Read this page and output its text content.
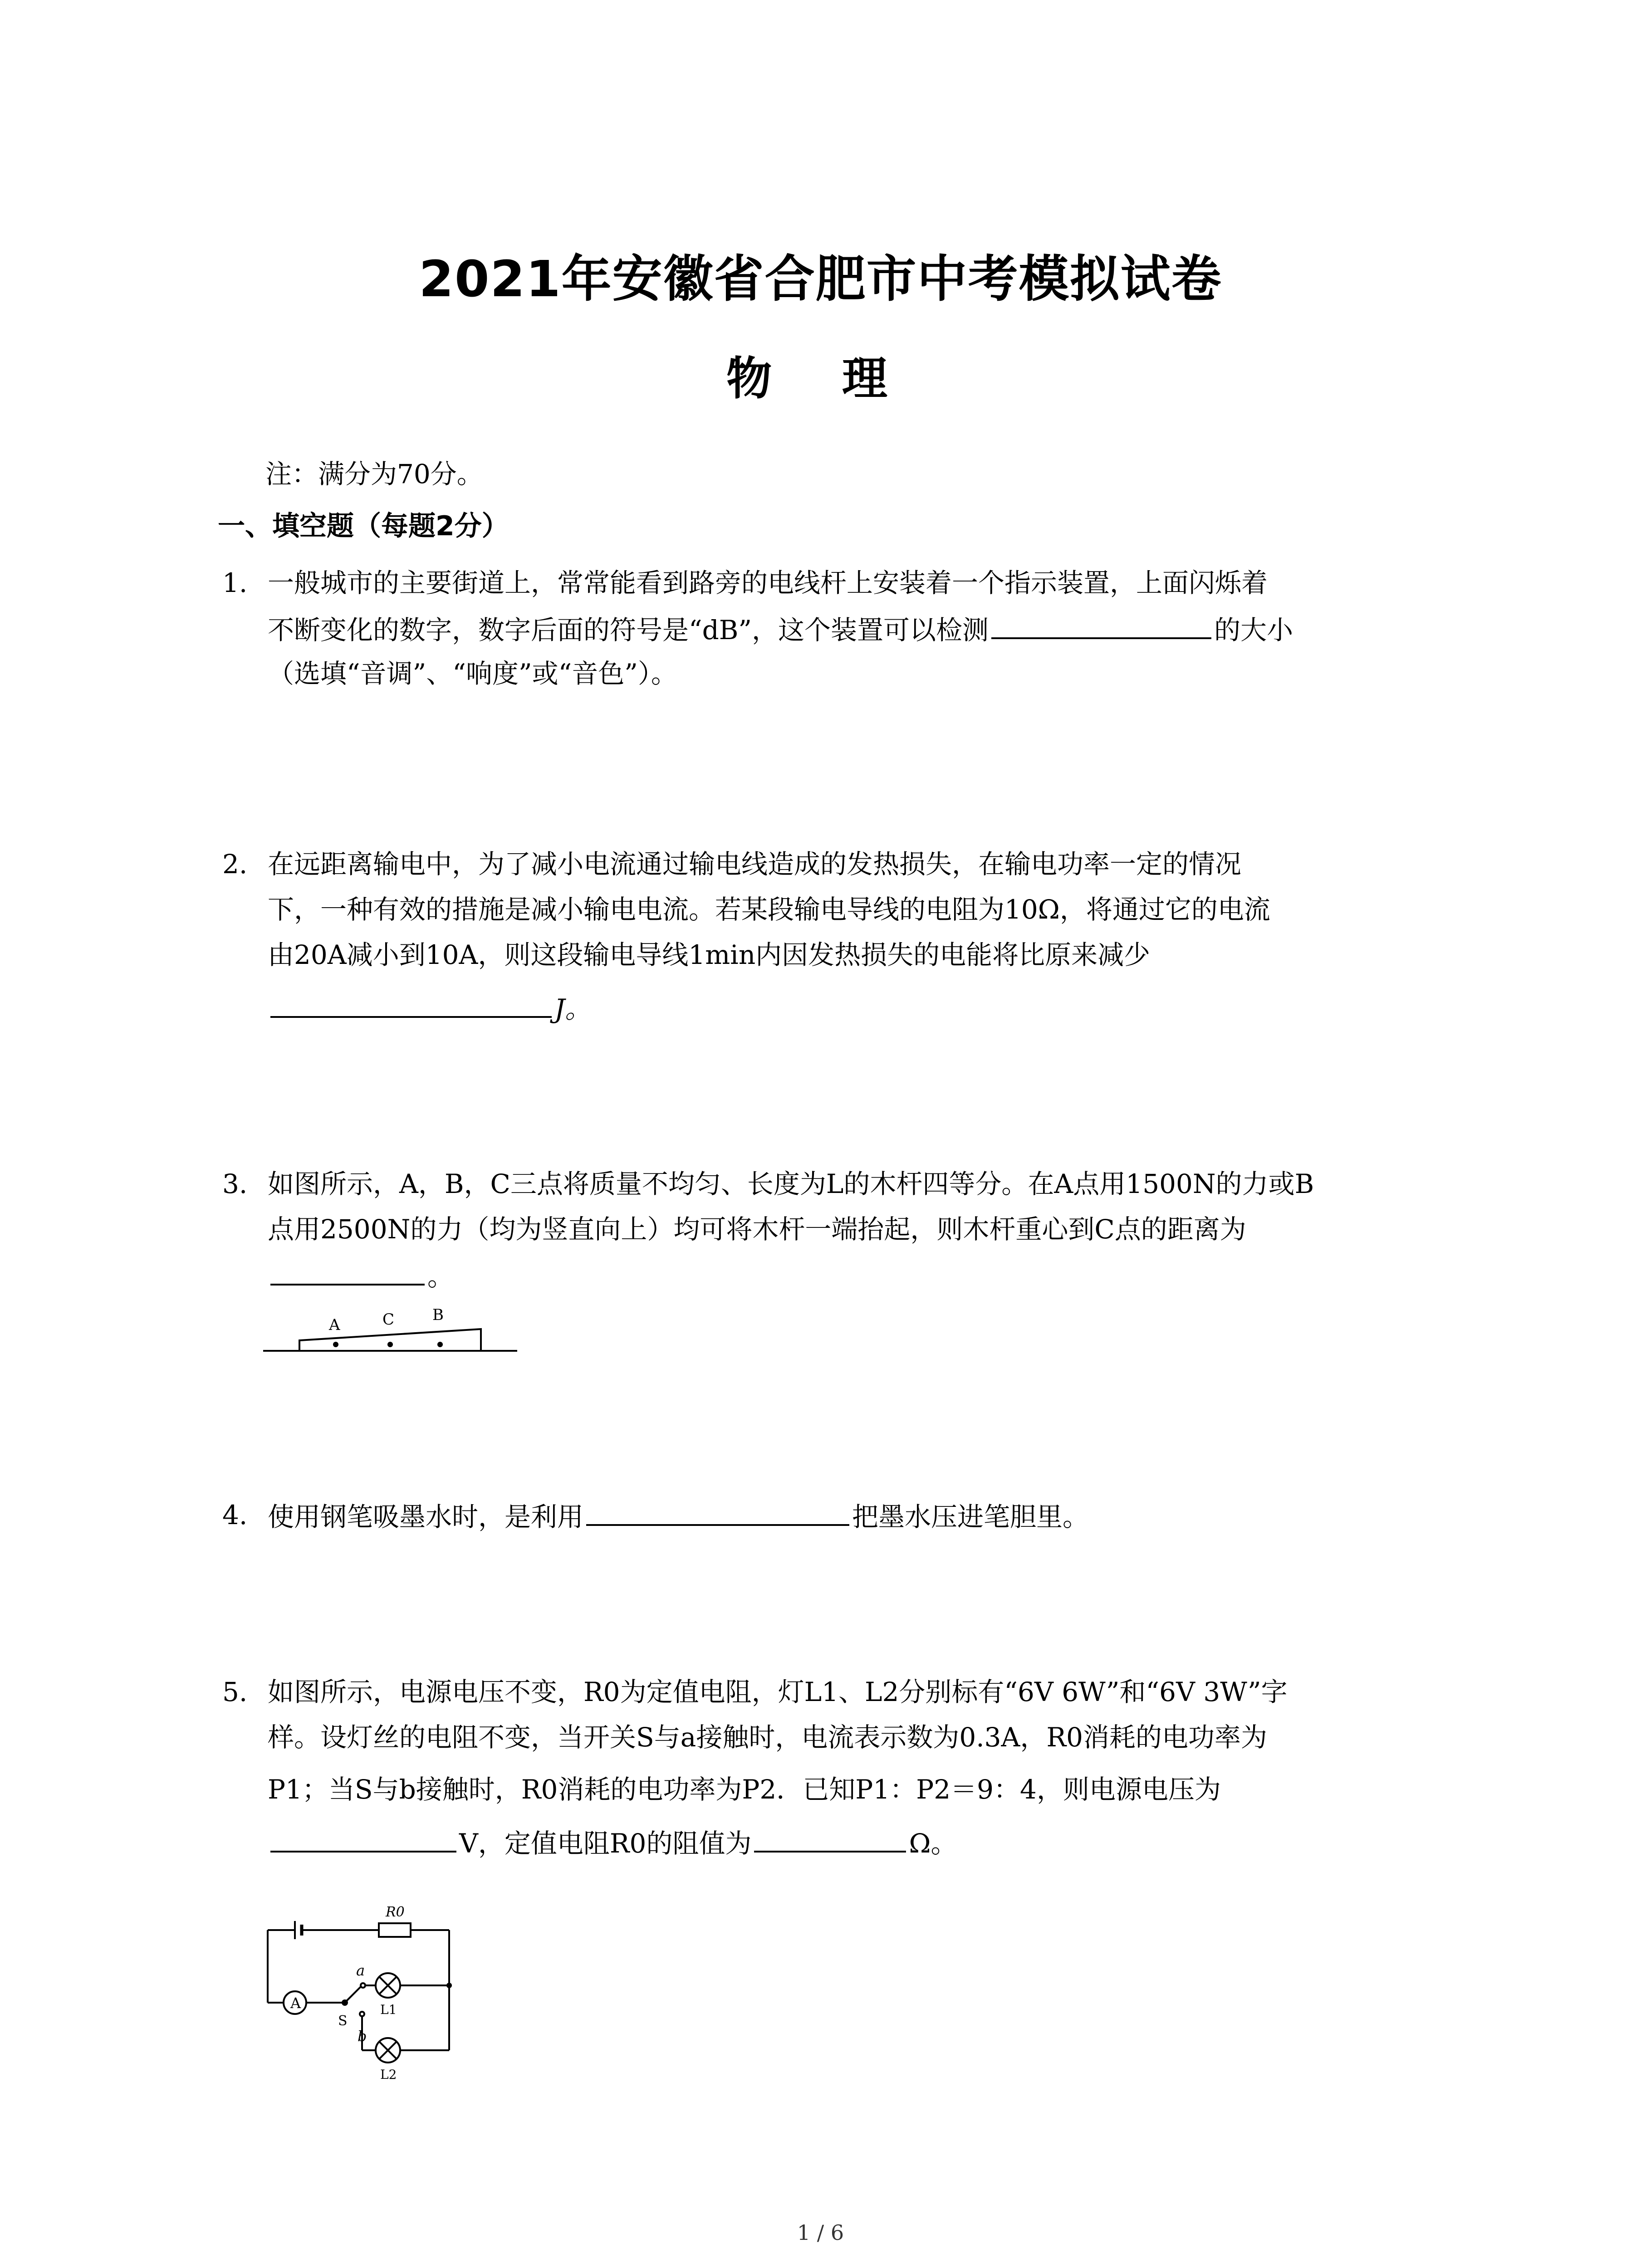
2021年安徽省合肥市中考模拟试卷
物 理
注：满分为70分。
一、填空题（每题2分）
1. 一般城市的主要街道上，常常能看到路旁的电线杆上安装着一个指示装置，上面闪烁着
不断变化的数字，数字后面的符号是“dB”，这个装置可以检测	的大小
（选填“音调”、“响度”或“音色”）。
2. 在远距离输电中，为了减小电流通过输电线造成的发热损失，在输电功率一定的情况
下，一种有效的措施是减小输电电流。若某段输电导线的电阻为10Ω，将通过它的电流
由20A减小到10A，则这段输电导线1min内因发热损失的电能将比原来减少
J。
3. 如图所示，A，B，C三点将质量不均匀、长度为L的木杆四等分。在A点用1500N的力或B
点用2500N的力（均为竖直向上）均可将木杆一端抬起，则木杆重心到C点的距离为
。
A	C B
4. 使用钢笔吸墨水时，是利用	把墨水压进笔胆里。
5. 如图所示，电源电压不变，R0为定值电阻，灯L1、L2分别标有“6V 6W”和“6V 3W”字
样。设灯丝的电阻不变，当开关S与a接触时，电流表示数为0.3A，R0消耗的电功率为
P1；当S与b接触时，R0消耗的电功率为P2．已知P1：P2＝9：4，则电源电压为
V，定值电阻R0的阻值为	Ω。
R0
A
a
S
b
L1
L2
1 / 6
